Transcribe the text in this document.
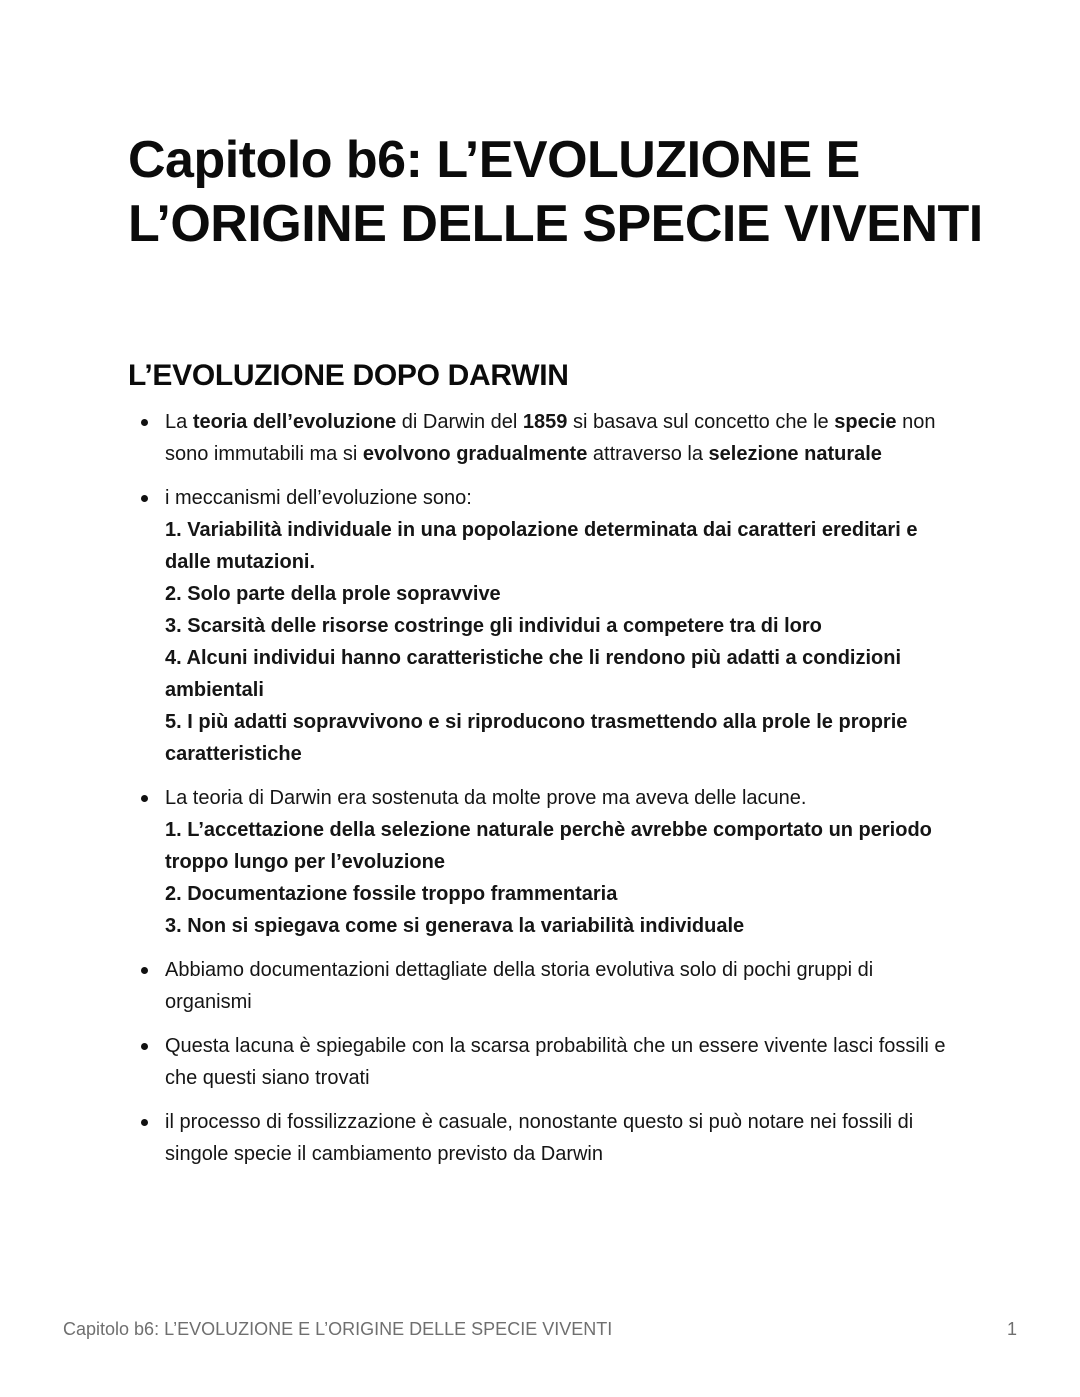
Capitolo b6: L’EVOLUZIONE E L’ORIGINE DELLE SPECIE VIVENTI
L’EVOLUZIONE DOPO DARWIN
La teoria dell’evoluzione di Darwin del 1859 si basava sul concetto che le specie non sono immutabili ma si evolvono gradualmente attraverso la selezione naturale
i meccanismi dell’evoluzione sono:
1. Variabilità individuale in una popolazione determinata dai caratteri ereditari e dalle mutazioni.
2. Solo parte della prole sopravvive
3. Scarsità delle risorse costringe gli individui a competere tra di loro
4. Alcuni individui hanno caratteristiche che li rendono più adatti a condizioni ambientali
5. I più adatti sopravvivono e si riproducono trasmettendo alla prole le proprie caratteristiche
La teoria di Darwin era sostenuta da molte prove ma aveva delle lacune.
1. L’accettazione della selezione naturale perchè avrebbe comportato un periodo troppo lungo per l’evoluzione
2. Documentazione fossile troppo frammentaria
3. Non si spiegava come si generava la variabilità individuale
Abbiamo documentazioni dettagliate della storia evolutiva solo di pochi gruppi di organismi
Questa lacuna è spiegabile con la scarsa probabilità che un essere vivente lasci fossili e che questi siano trovati
il processo di fossilizzazione è casuale, nonostante questo si può notare nei fossili di singole specie il cambiamento previsto da Darwin
Capitolo b6: L’EVOLUZIONE E L’ORIGINE DELLE SPECIE VIVENTI	1
